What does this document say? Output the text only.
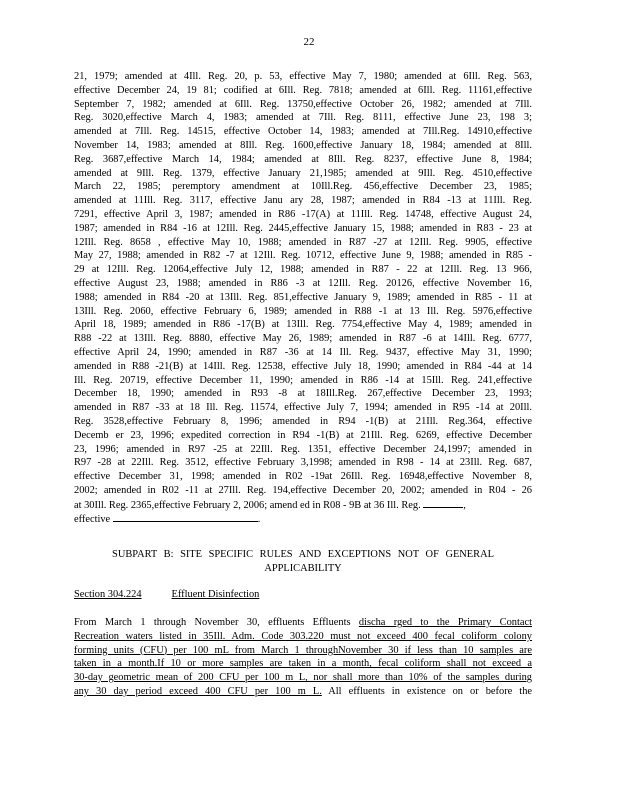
22
21, 1979; amended at 4Ill. Reg. 20, p. 53, effective May 7, 1980; amended at 6Ill. Reg. 563,
effective December 24, 19 81; codified at 6Ill. Reg. 7818; amended at 6Ill. Reg. 11161,effective
September 7, 1982; amended at 6Ill. Reg. 13750,effective October 26, 1982; amended at 7Ill.
Reg. 3020,effective March 4, 1983; amended at 7Ill. Reg. 8111, effective June 23, 198 3;
amended at 7Ill. Reg. 14515, effective October 14, 1983; amended at 7Ill.Reg. 14910,effective
November 14, 1983; amended at 8Ill. Reg. 1600,effective January 18, 1984; amended at 8Ill.
Reg. 3687,effective March 14, 1984; amended at 8Ill. Reg. 8237, effective June 8, 1984;
amended at 9Ill. Reg. 1379, effective January 21,1985; amended at 9Ill. Reg. 4510,effective
March 22, 1985; peremptory amendment at 10Ill.Reg. 456,effective December 23, 1985;
amended at 11Ill. Reg. 3117, effective Janu ary 28, 1987; amended in R84 -13 at 11Ill. Reg.
7291, effective April 3, 1987; amended in R86 -17(A) at 11Ill. Reg. 14748, effective August 24,
1987; amended in R84 -16 at 12Ill. Reg. 2445,effective January 15, 1988; amended in R83 - 23 at
12Ill. Reg. 8658 , effective May 10, 1988; amended in R87 -27 at 12Ill. Reg. 9905, effective
May 27, 1988; amended in R82 -7 at 12Ill. Reg. 10712, effective June 9, 1988; amended in R85 -
29 at 12Ill. Reg. 12064,effective July 12, 1988; amended in R87 - 22 at 12Ill. Reg. 13 966,
effective August 23, 1988; amended in R86 -3 at 12Ill. Reg. 20126, effective November 16,
1988; amended in R84 -20 at 13Ill. Reg. 851,effective January 9, 1989; amended in R85 - 11 at
13Ill. Reg. 2060, effective February 6, 1989; amended in R88 -1 at 13 Ill. Reg. 5976,effective
April 18, 1989; amended in R86 -17(B) at 13Ill. Reg. 7754,effective May 4, 1989; amended in
R88 -22 at 13Ill. Reg. 8880, effective May 26, 1989; amended in R87 -6 at 14Ill. Reg. 6777,
effective April 24, 1990; amended in R87 -36 at 14 Ill. Reg. 9437, effective May 31, 1990;
amended in R88 -21(B) at 14Ill. Reg. 12538, effective July 18, 1990; amended in R84 -44 at 14
Ill. Reg. 20719, effective December 11, 1990; amended in R86 -14 at 15Ill. Reg. 241,effective
December 18, 1990; amended in R93 -8 at 18Ill.Reg. 267,effective December 23, 1993;
amended in R87 -33 at 18 Ill. Reg. 11574, effective July 7, 1994; amended in R95 -14 at 20Ill.
Reg. 3528,effective February 8, 1996; amended in R94 -1(B) at 21Ill. Reg.364, effective
Decemb er 23, 1996; expedited correction in R94 -1(B) at 21Ill. Reg. 6269, effective December
23, 1996; amended in R97 -25 at 22Ill. Reg. 1351, effective December 24,1997; amended in
R97 -28 at 22Ill. Reg. 3512, effective February 3,1998; amended in R98 - 14 at 23Ill. Reg. 687,
effective December 31, 1998; amended in R02 -19at 26Ill. Reg. 16948,effective November 8,
2002; amended in R02 -11 at 27Ill. Reg. 194,effective December 20, 2002; amended in R04 - 26
at 30Ill. Reg. 2365,effective February 2, 2006; amend ed in R08 - 9B at 36 Ill. Reg.	,
effective	.
SUBPART B: SITE SPECIFIC RULES AND EXCEPTIONS NOT OF GENERAL APPLICABILITY
Section 304.224	Effluent Disinfection
From March 1 through November 30, effluents Effluents discha rged to the Primary Contact
Recreation waters listed in 35Ill. Adm. Code 303.220 must not exceed 400 fecal coliform colony
forming units (CFU) per 100 mL from March 1 throughNovember 30 if less than 10 samples are
taken in a month.If 10 or more samples are taken in a month, fecal coliform shall not exceed a
30-day geometric mean of 200 CFU per 100 m L, nor shall more than 10% of the samples during
any 30 day period exceed 400 CFU per 100 m L. All effluents in existence on or before the
